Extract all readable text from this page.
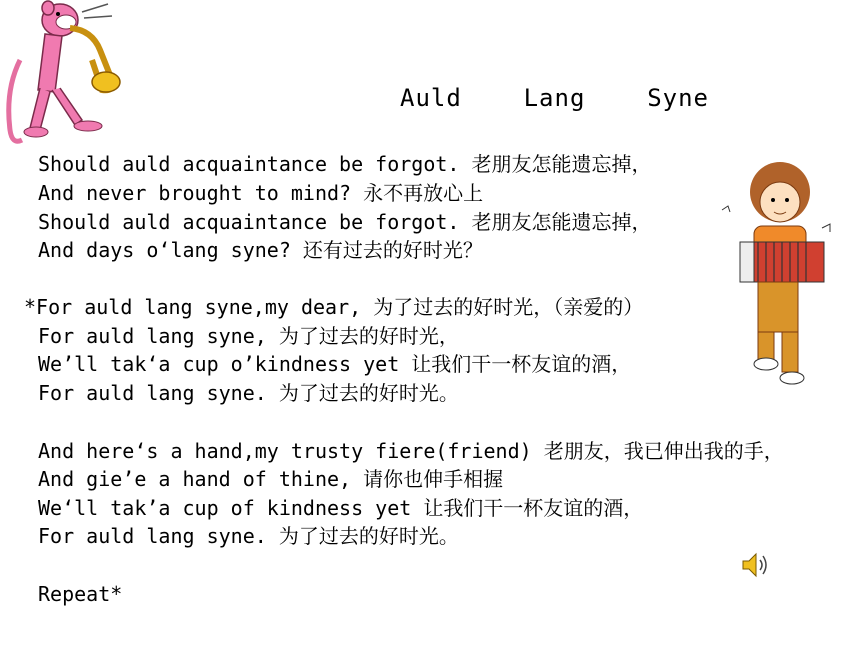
Auld    Lang    Syne
Should auld acquaintance be forgot. 老朋友怎能遗忘掉，
And never brought to mind? 永不再放心上
Should auld acquaintance be forgot. 老朋友怎能遗忘掉，
And days o‘lang syne? 还有过去的好时光？
*For auld lang syne,my dear, 为了过去的好时光，（亲爱的）
For auld lang syne, 为了过去的好时光，
We’ll tak‘a cup o’kindness yet 让我们干一杯友谊的酒，
For auld lang syne. 为了过去的好时光。
And here‘s a hand,my trusty fiere(friend) 老朋友，我已伸出我的手，
And gie’e a hand of thine, 请你也伸手相握
We‘ll tak’a cup of kindness yet 让我们干一杯友谊的酒，
For auld lang syne. 为了过去的好时光。
Repeat*
